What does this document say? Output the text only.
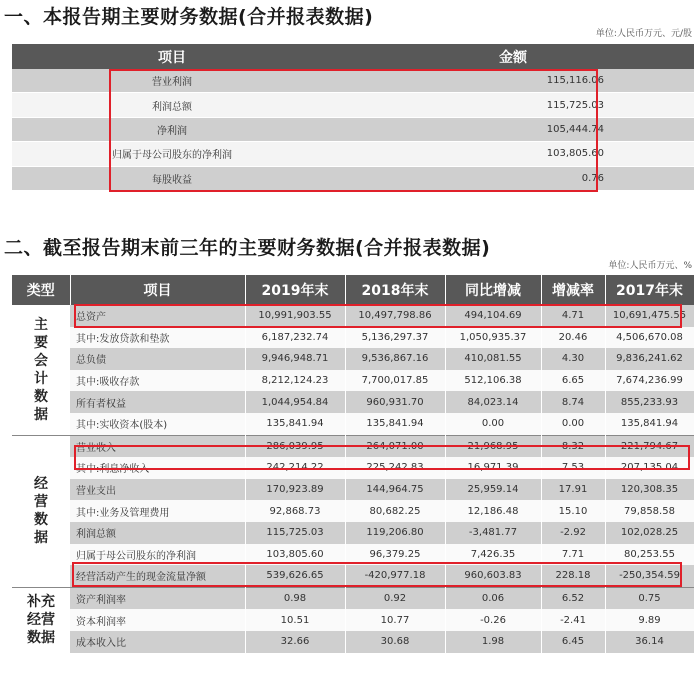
一、本报告期主要财务数据(合并报表数据)
单位:人民币万元、元/股
项目	金额
营业利润	115,116.06
利润总额	115,725.03
净利润	105,444.74
归属于母公司股东的净利润	103,805.60
每股收益	0.76
二、截至报告期末前三年的主要财务数据(合并报表数据)
单位:人民币万元、%
类型	项目	2019年末	2018年末	同比增减	增减率	2017年末

主要会计数据	总资产	10,991,903.55	10,497,798.86	494,104.69	4.71	10,691,475.55
	其中:发放贷款和垫款	6,187,232.74	5,136,297.37	1,050,935.37	20.46	4,506,670.08
	总负债	9,946,948.71	9,536,867.16	410,081.55	4.30	9,836,241.62
	其中:吸收存款	8,212,124.23	7,700,017.85	512,106.38	6.65	7,674,236.99
	所有者权益	1,044,954.84	960,931.70	84,023.14	8.74	855,233.93
	其中:实收资本(股本)	135,841.94	135,841.94	0.00	0.00	135,841.94

经营数据	营业收入	286,039.95	264,071.00	21,968.95	8.32	221,794.67
	其中:利息净收入	242,214.22	225,242.83	16,971.39	7.53	207,135.04
	营业支出	170,923.89	144,964.75	25,959.14	17.91	120,308.35
	其中:业务及管理费用	92,868.73	80,682.25	12,186.48	15.10	79,858.58
	利润总额	115,725.03	119,206.80	-3,481.77	-2.92	102,028.25
	归属于母公司股东的净利润	103,805.60	96,379.25	7,426.35	7.71	80,253.55
	经营活动产生的现金流量净额	539,626.65	-420,977.18	960,603.83	228.18	-250,354.59

补充经营数据	资产利润率	0.98	0.92	0.06	6.52	0.75
	资本利润率	10.51	10.77	-0.26	-2.41	9.89
	成本收入比	32.66	30.68	1.98	6.45	36.14
